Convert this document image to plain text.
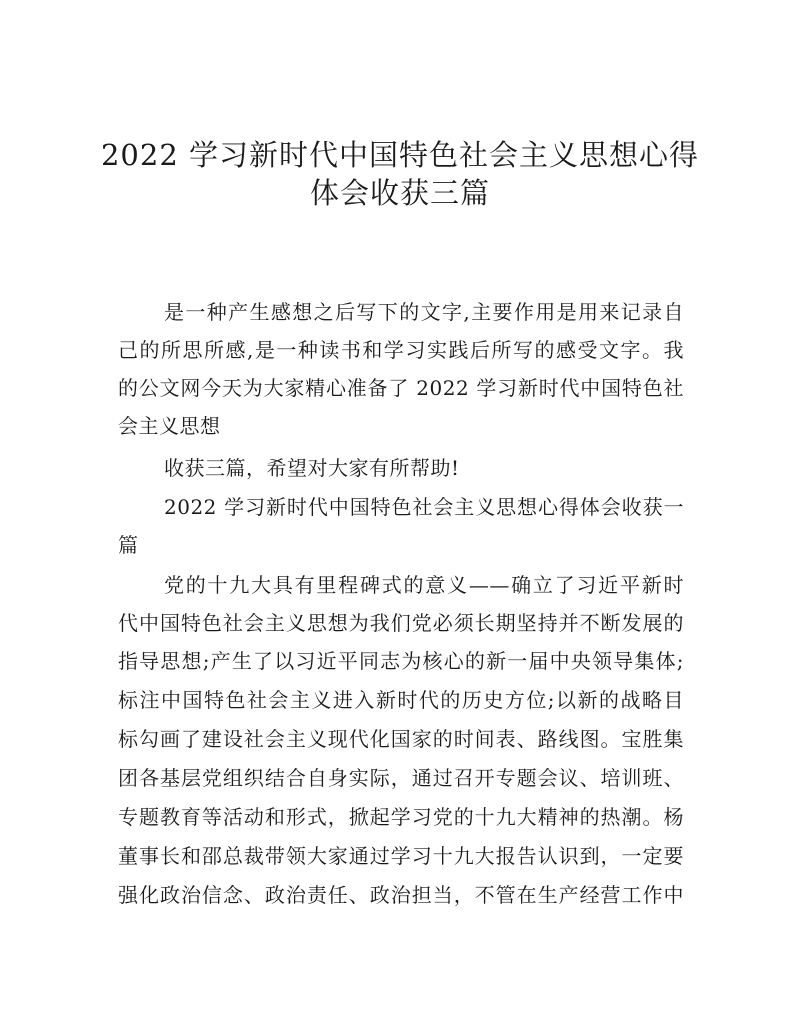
2022 学习新时代中国特色社会主义思想心得
体会收获三篇
是一种产生感想之后写下的文字,主要作用是用来记录自
己的所思所感,是一种读书和学习实践后所写的感受文字。我
的公文网今天为大家精心准备了 2022 学习新时代中国特色社
会主义思想
收获三篇，希望对大家有所帮助!
2022 学习新时代中国特色社会主义思想心得体会收获一
篇
党的十九大具有里程碑式的意义——确立了习近平新时
代中国特色社会主义思想为我们党必须长期坚持并不断发展的
指导思想;产生了以习近平同志为核心的新一届中央领导集体;
标注中国特色社会主义进入新时代的历史方位;以新的战略目
标勾画了建设社会主义现代化国家的时间表、路线图。宝胜集
团各基层党组织结合自身实际，通过召开专题会议、培训班、
专题教育等活动和形式，掀起学习党的十九大精神的热潮。杨
董事长和邵总裁带领大家通过学习十九大报告认识到，一定要
强化政治信念、政治责任、政治担当，不管在生产经营工作中
